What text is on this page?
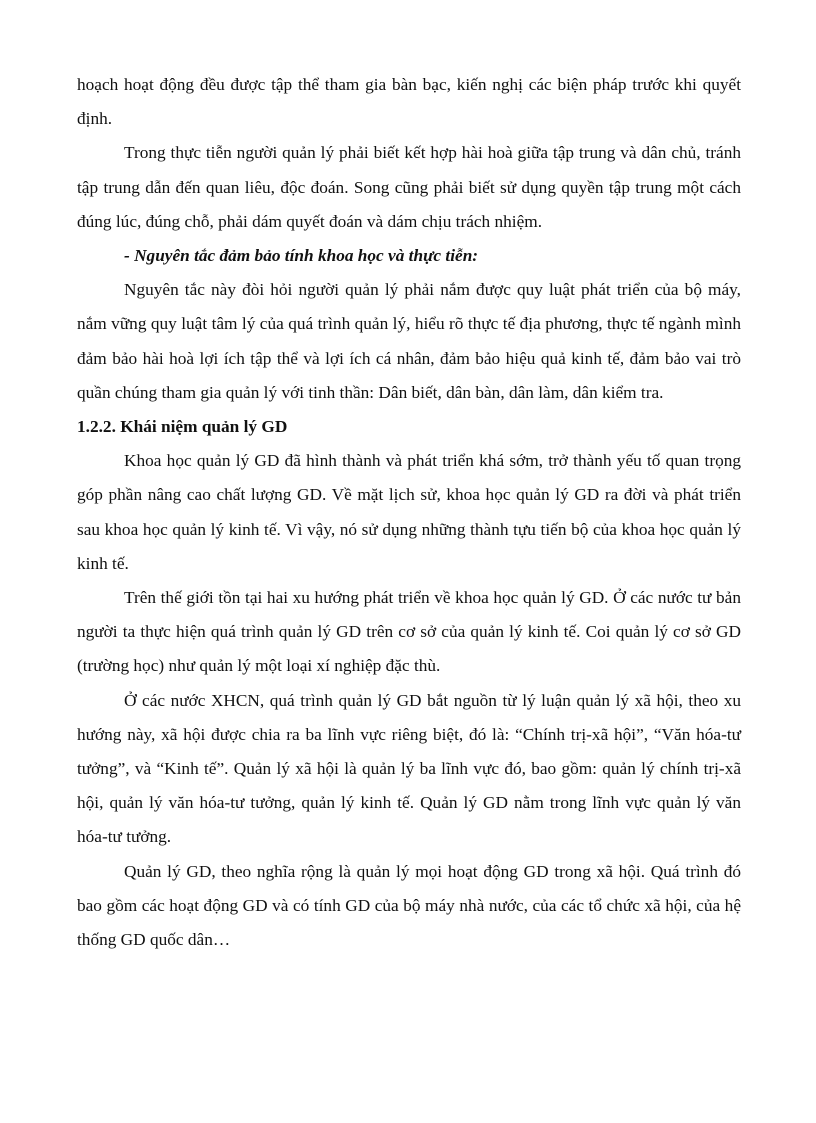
hoạch hoạt động đều được tập thể tham gia bàn bạc, kiến nghị các biện pháp trước khi quyết định.

Trong thực tiễn người quản lý phải biết kết hợp hài hoà giữa tập trung và dân chủ, tránh tập trung dẫn đến quan liêu, độc đoán. Song cũng phải biết sử dụng quyền tập trung một cách đúng lúc, đúng chỗ, phải dám quyết đoán và dám chịu trách nhiệm.

- Nguyên tắc đảm bảo tính khoa học và thực tiễn:

Nguyên tắc này đòi hỏi người quản lý phải nắm được quy luật phát triển của bộ máy, nắm vững quy luật tâm lý của quá trình quản lý, hiểu rõ thực tế địa phương, thực tế ngành mình đảm bảo hài hoà lợi ích tập thể và lợi ích cá nhân, đảm bảo hiệu quả kinh tế, đảm bảo vai trò quần chúng tham gia quản lý với tinh thần: Dân biết, dân bàn, dân làm, dân kiểm tra.

1.2.2. Khái niệm quản lý GD

Khoa học quản lý GD đã hình thành và phát triển khá sớm, trở thành yếu tố quan trọng góp phần nâng cao chất lượng GD. Về mặt lịch sử, khoa học quản lý GD ra đời và phát triển sau khoa học quản lý kinh tế. Vì vậy, nó sử dụng những thành tựu tiến bộ của khoa học quản lý kinh tế.

Trên thế giới tồn tại hai xu hướng phát triển về khoa học quản lý GD. Ở các nước tư bản người ta thực hiện quá trình quản lý GD trên cơ sở của quản lý kinh tế. Coi quản lý cơ sở GD (trường học) như quản lý một loại xí nghiệp đặc thù.

Ở các nước XHCN, quá trình quản lý GD bắt nguồn từ lý luận quản lý xã hội, theo xu hướng này, xã hội được chia ra ba lĩnh vực riêng biệt, đó là: “Chính trị-xã hội”, “Văn hóa-tư tưởng”, và “Kinh tế”. Quản lý xã hội là quản lý ba lĩnh vực đó, bao gồm: quản lý chính trị-xã hội, quản lý văn hóa-tư tưởng, quản lý kinh tế. Quản lý GD nằm trong lĩnh vực quản lý văn hóa-tư tưởng.

Quản lý GD, theo nghĩa rộng là quản lý mọi hoạt động GD trong xã hội. Quá trình đó bao gồm các hoạt động GD và có tính GD của bộ máy nhà nước, của các tổ chức xã hội, của hệ thống GD quốc dân…
